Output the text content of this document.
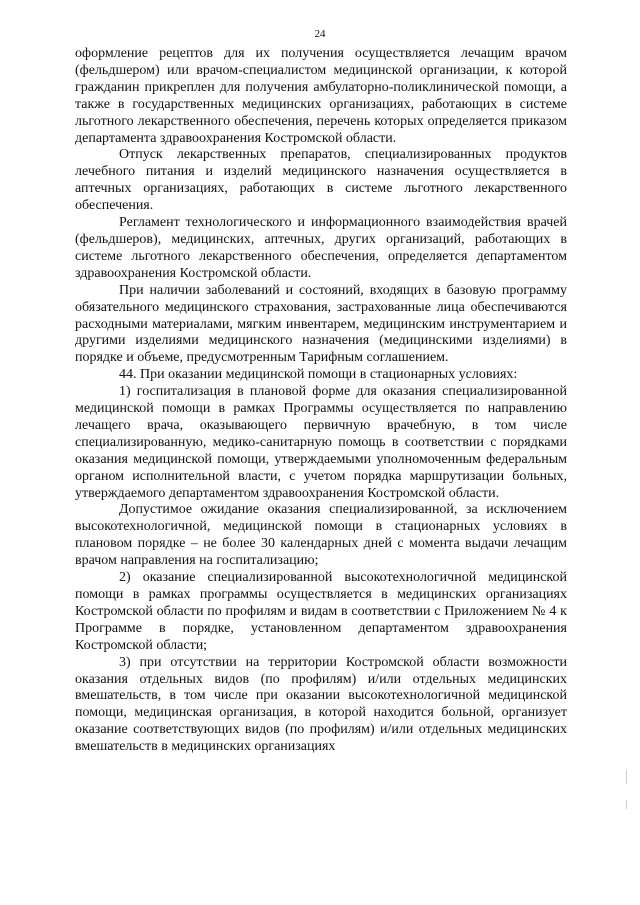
24

оформление рецептов для их получения осуществляется лечащим врачом (фельдшером) или врачом-специалистом медицинской организации, к которой гражданин прикреплен для получения амбулаторно-поликлинической помощи, а также в государственных медицинских организациях, работающих в системе льготного лекарственного обеспечения, перечень которых определяется приказом департамента здравоохранения Костромской области.

Отпуск лекарственных препаратов, специализированных продуктов лечебного питания и изделий медицинского назначения осуществляется в аптечных организациях, работающих в системе льготного лекарственного обеспечения.

Регламент технологического и информационного взаимодействия врачей (фельдшеров), медицинских, аптечных, других организаций, работающих в системе льготного лекарственного обеспечения, определяется департаментом здравоохранения Костромской области.

При наличии заболеваний и состояний, входящих в базовую программу обязательного медицинского страхования, застрахованные лица обеспечиваются расходными материалами, мягким инвентарем, медицинским инструментарием и другими изделиями медицинского назначения (медицинскими изделиями) в порядке и объеме, предусмотренным Тарифным соглашением.

44. При оказании медицинской помощи в стационарных условиях:

1) госпитализация в плановой форме для оказания специализированной медицинской помощи в рамках Программы осуществляется по направлению лечащего врача, оказывающего первичную врачебную, в том числе специализированную, медико-санитарную помощь в соответствии с порядками оказания медицинской помощи, утверждаемыми уполномоченным федеральным органом исполнительной власти, с учетом порядка маршрутизации больных, утверждаемого департаментом здравоохранения Костромской области.

Допустимое ожидание оказания специализированной, за исключением высокотехнологичной, медицинской помощи в стационарных условиях в плановом порядке – не более 30 календарных дней с момента выдачи лечащим врачом направления на госпитализацию;

2) оказание специализированной высокотехнологичной медицинской помощи в рамках программы осуществляется в медицинских организациях Костромской области по профилям и видам в соответствии с Приложением № 4 к Программе в порядке, установленном департаментом здравоохранения Костромской области;

3) при отсутствии на территории Костромской области возможности оказания отдельных видов (по профилям) и/или отдельных медицинских вмешательств, в том числе при оказании высокотехнологичной медицинской помощи, медицинская организация, в которой находится больной, организует оказание соответствующих видов (по профилям) и/или отдельных медицинских вмешательств в медицинских организациях
